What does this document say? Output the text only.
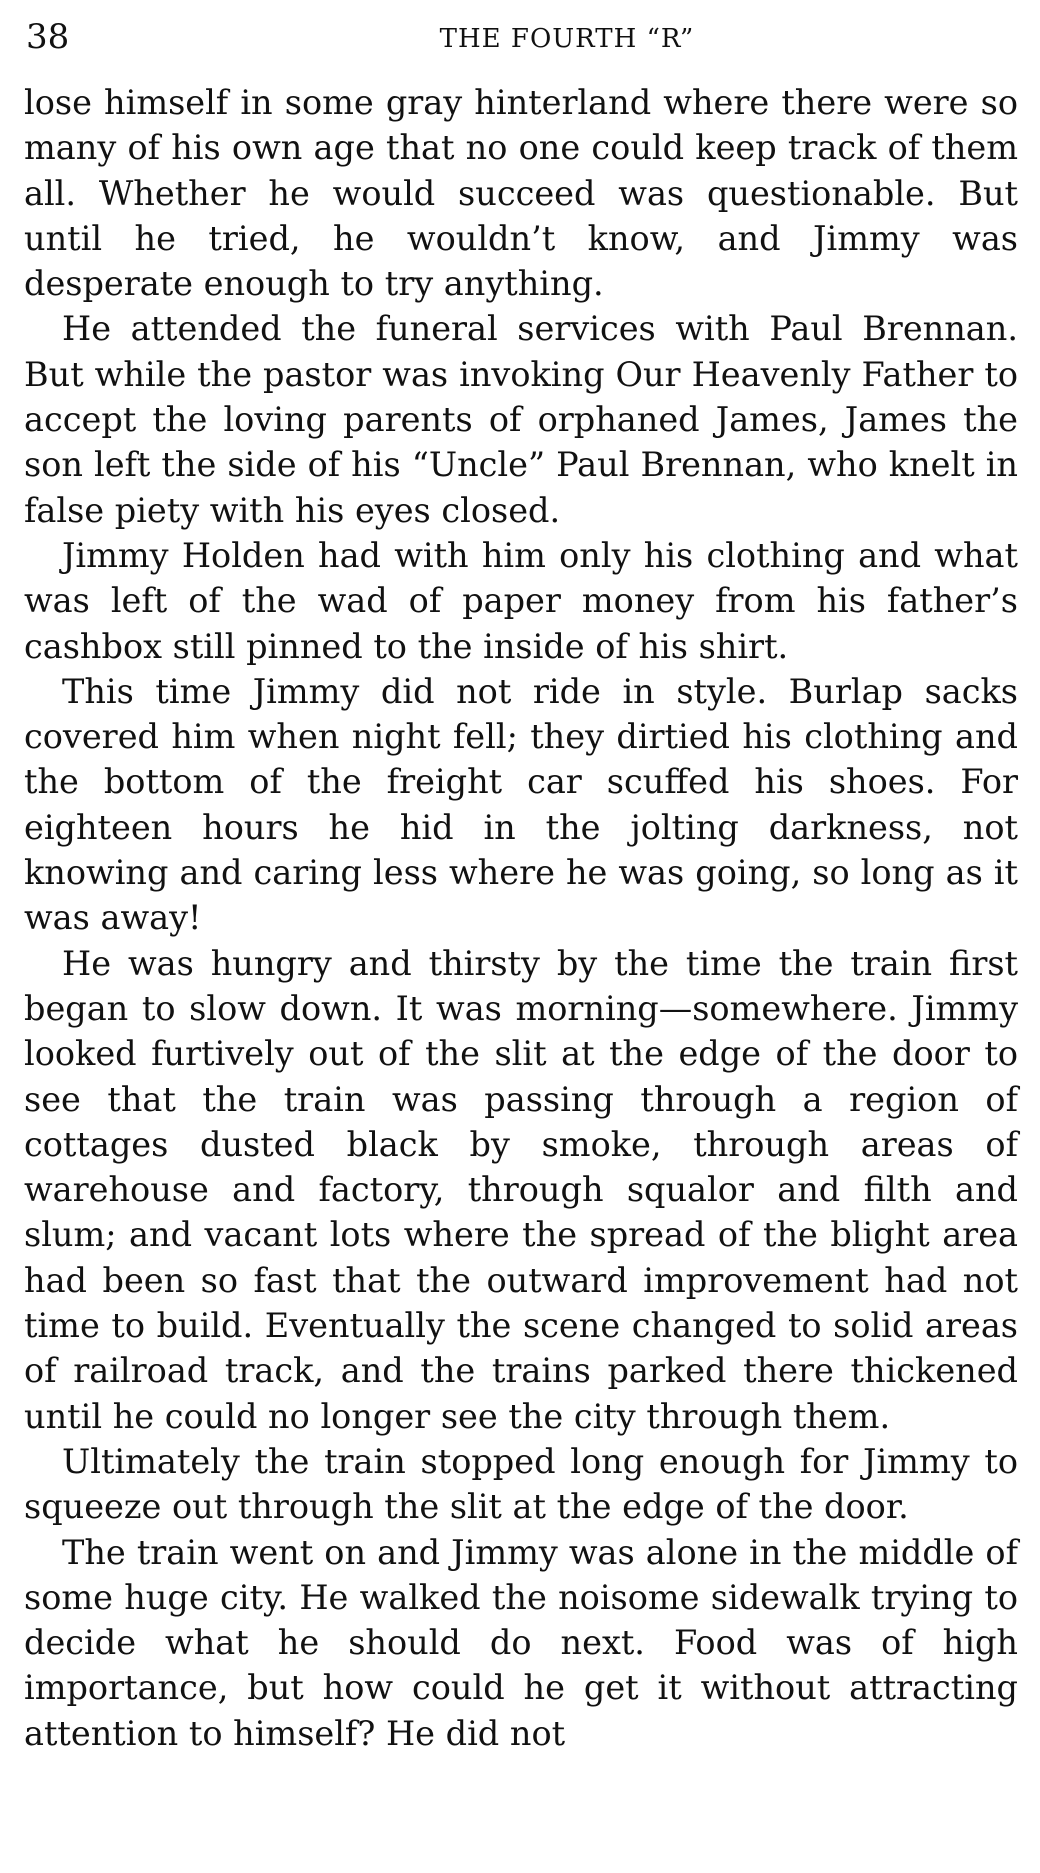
38	THE FOURTH “R”

lose himself in some gray hinterland where there were so many of his own age that no one could keep track of them all. Whether he would succeed was questionable. But until he tried, he wouldn’t know, and Jimmy was desperate enough to try anything.

He attended the funeral services with Paul Brennan. But while the pastor was invoking Our Heavenly Father to accept the loving parents of orphaned James, James the son left the side of his “Uncle” Paul Brennan, who knelt in false piety with his eyes closed.

Jimmy Holden had with him only his clothing and what was left of the wad of paper money from his father’s cashbox still pinned to the inside of his shirt.

This time Jimmy did not ride in style. Burlap sacks covered him when night fell; they dirtied his clothing and the bottom of the freight car scuffed his shoes. For eighteen hours he hid in the jolting darkness, not knowing and caring less where he was going, so long as it was away!

He was hungry and thirsty by the time the train first began to slow down. It was morning—somewhere. Jimmy looked furtively out of the slit at the edge of the door to see that the train was passing through a region of cottages dusted black by smoke, through areas of warehouse and factory, through squalor and filth and slum; and vacant lots where the spread of the blight area had been so fast that the outward improvement had not time to build. Eventually the scene changed to solid areas of railroad track, and the trains parked there thickened until he could no longer see the city through them.

Ultimately the train stopped long enough for Jimmy to squeeze out through the slit at the edge of the door.

The train went on and Jimmy was alone in the middle of some huge city. He walked the noisome sidewalk trying to decide what he should do next. Food was of high importance, but how could he get it without attracting attention to himself? He did not
